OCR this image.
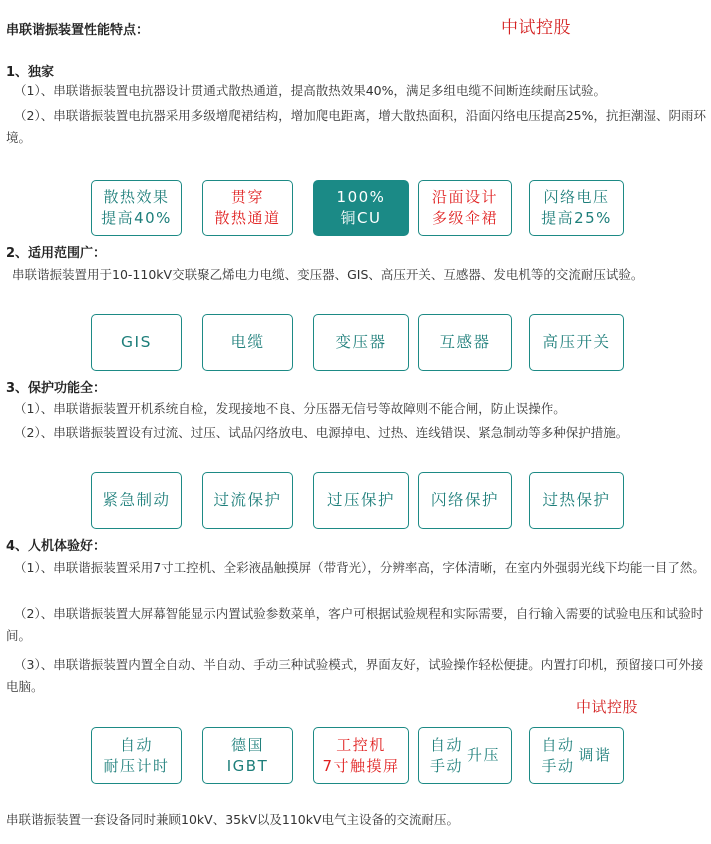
串联谐振装置性能特点：	中试控股
1、独家
（1）、串联谐振装置电抗器设计贯通式散热通道，提高散热效果40%，满足多组电缆不间断连续耐压试验。
（2）、串联谐振装置电抗器采用多级增爬裙结构，增加爬电距离，增大散热面积，沿面闪络电压提高25%，抗拒潮湿、阴雨环境。
散热效果
提高40%
贯穿
散热通道
100%
铜CU
沿面设计
多级伞裙
闪络电压
提高25%
2、适用范围广：
串联谐振装置用于10-110kV交联聚乙烯电力电缆、变压器、GIS、高压开关、互感器、发电机等的交流耐压试验。
GIS	电缆	变压器	互感器	高压开关
3、保护功能全：
（1）、串联谐振装置开机系统自检，发现接地不良、分压器无信号等故障则不能合闸，防止误操作。
（2）、串联谐振装置设有过流、过压、试品闪络放电、电源掉电、过热、连线错误、紧急制动等多种保护措施。
紧急制动	过流保护	过压保护 闪络保护	过热保护
4、人机体验好：
（1）、串联谐振装置采用7寸工控机、全彩液晶触摸屏（带背光），分辨率高，字体清晰，在室内外强弱光线下均能一目了然。
（2）、串联谐振装置大屏幕智能显示内置试验参数菜单，客户可根据试验规程和实际需要，自行输入需要的试验电压和试验时间。
（3）、串联谐振装置内置全自动、半自动、手动三种试验模式，界面友好，试验操作轻松便捷。内置打印机，预留接口可外接电脑。
中试控股
自动
耐压计时
德国
IGBT
工控机
7寸触摸屏
自动
手动
升压
自动
手动
调谐
串联谐振装置一套设备同时兼顾10kV、35kV以及110kV电气主设备的交流耐压。
